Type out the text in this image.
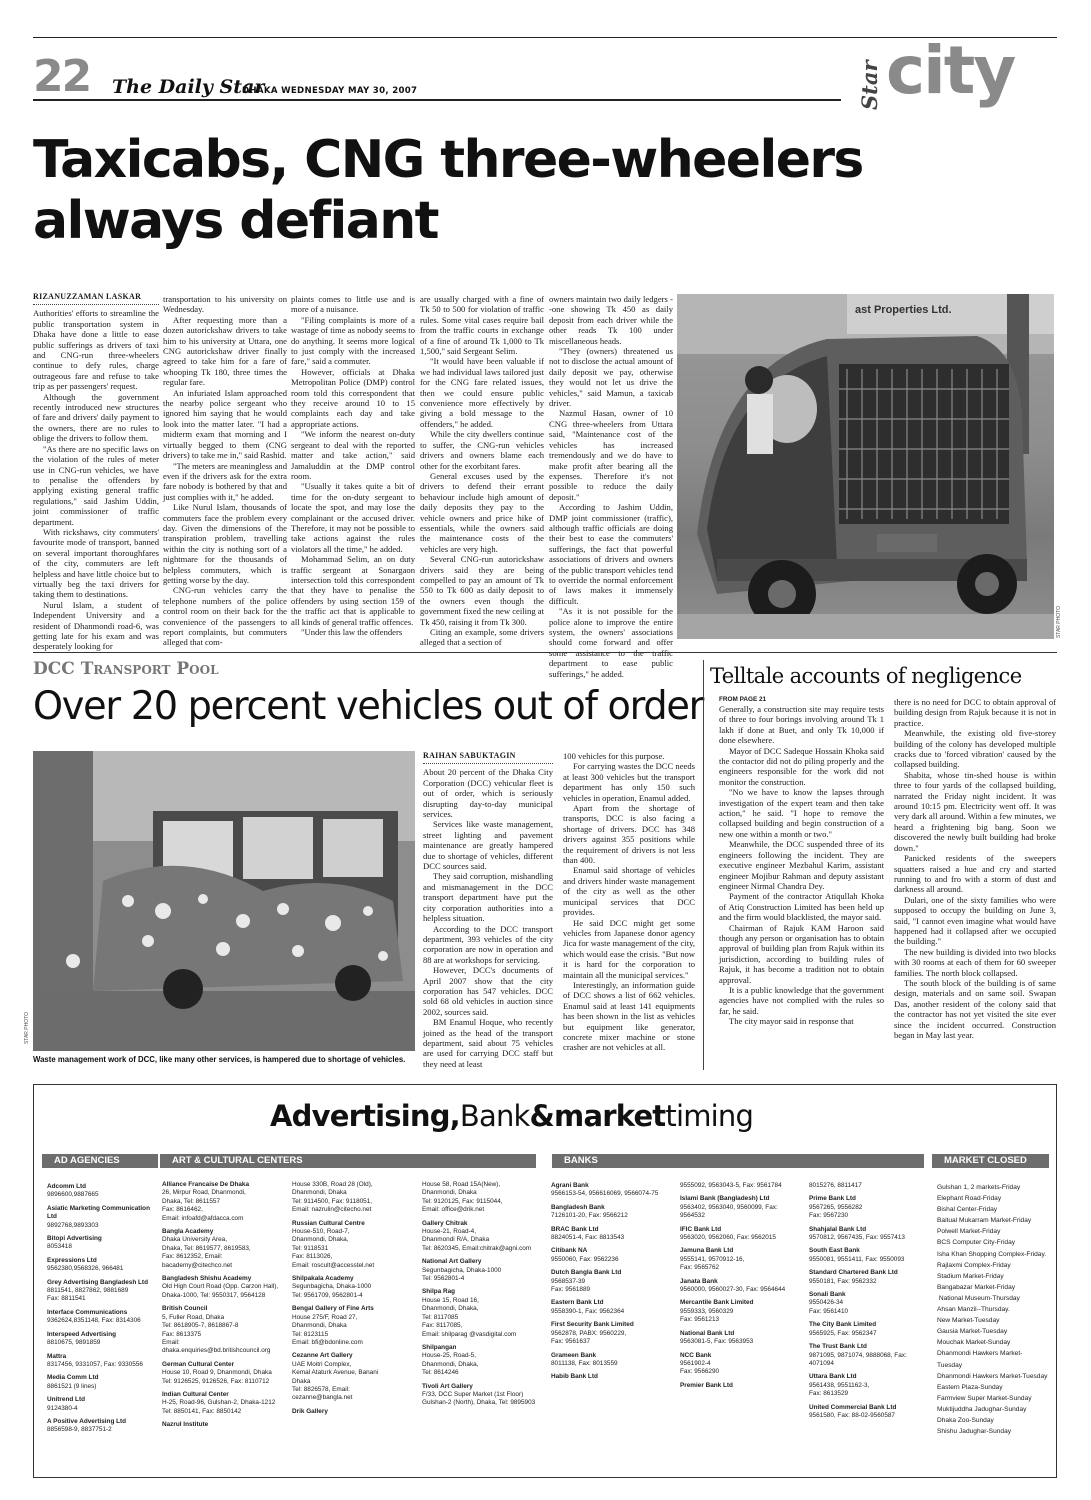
22 The Daily Star
DHAKA WEDNESDAY MAY 30, 2007	Star city
Taxicabs, CNG three-wheelers
always defiant
RIZANUZZAMAN LASKAR

Authorities' efforts to streamline the public transportation system in Dhaka have done a little to ease public sufferings as drivers of taxi and CNG-run three-wheelers continue to defy rules, charge outrageous fare and refuse to take trip as per passengers' request.

Although the government recently introduced new structures of fare and drivers' daily payment to the owners, there are no rules to oblige the drivers to follow them.

"As there are no specific laws on the violation of the rules of meter use in CNG-run vehicles, we have to penalise the offenders by applying existing general traffic regulations," said Jashim Uddin, joint commissioner of traffic department.

With rickshaws, city commuters' favourite mode of transport, banned on several important thoroughfares of the city, commuters are left helpless and have little choice but to virtually beg the taxi drivers for taking them to destinations.

Nurul Islam, a student of Independent University and a resident of Dhanmondi road-6, was getting late for his exam and was desperately looking for

transportation to his university on Wednesday.

After requesting more than a dozen autorickshaw drivers to take him to his university at Uttara, one CNG autorickshaw driver finally agreed to take him for a fare of whooping Tk 180, three times the regular fare.

An infuriated Islam approached the nearby police sergeant who ignored him saying that he would look into the matter later. "I had a midterm exam that morning and I virtually begged to them (CNG drivers) to take me in," said Rashid.

"The meters are meaningless and even if the drivers ask for the extra fare nobody is bothered by that and just complies with it," he added.

Like Nurul Islam, thousands of commuters face the problem every day. Given the dimensions of the transpiration problem, travelling within the city is nothing sort of a nightmare for the thousands of helpless commuters, which is getting worse by the day.

CNG-run vehicles carry the telephone numbers of the police control room on their back for the convenience of the passengers to report complaints, but commuters alleged that com-

plaints comes to little use and is more of a nuisance.

"Filing complaints is more of a wastage of time as nobody seems to do anything. It seems more logical to just comply with the increased fare," said a commuter.

However, officials at Dhaka Metropolitan Police (DMP) control room told this correspondent that they receive around 10 to 15 complaints each day and take appropriate actions.

"We inform the nearest on-duty sergeant to deal with the reported matter and take action," said Jamaluddin at the DMP control room.

"Usually it takes quite a bit of time for the on-duty sergeant to locate the spot, and may lose the complainant or the accused driver. Therefore, it may not be possible to take actions against the rules violators all the time," he added.

Mohammad Selim, an on duty traffic sergeant at Sonargaon intersection told this correspondent that they have to penalise the offenders by using section 159 of the traffic act that is applicable to all kinds of general traffic offences.

"Under this law the offenders

are usually charged with a fine of Tk 50 to 500 for violation of traffic rules. Some vital cases require bail from the traffic courts in exchange of a fine of around Tk 1,000 to Tk 1,500," said Sergeant Selim.

"It would have been valuable if we had individual laws tailored just for the CNG fare related issues, then we could ensure public convenience more effectively by giving a bold message to the offenders," he added.

While the city dwellers continue to suffer, the CNG-run vehicles drivers and owners blame each other for the exorbitant fares.

General excuses used by the drivers to defend their errant behaviour include high amount of daily deposits they pay to the vehicle owners and price hike of essentials, while the owners said the maintenance costs of the vehicles are very high.

Several CNG-run autorickshaw drivers said they are being compelled to pay an amount of Tk 550 to Tk 600 as daily deposit to the owners even though the government fixed the new ceiling at Tk 450, raising it from Tk 300.

Citing an example, some drivers alleged that a section of

owners maintain two daily ledgers --one showing Tk 450 as daily deposit from each driver while the other reads Tk 100 under miscellaneous heads.

"They (owners) threatened us not to disclose the actual amount of daily deposit we pay, otherwise they would not let us drive the vehicles," said Mamun, a taxicab driver.

Nazmul Hasan, owner of 10 CNG three-wheelers from Uttara said, "Maintenance cost of the vehicles has increased tremendously and we do have to make profit after bearing all the expenses. Therefore it's not possible to reduce the daily deposit."

According to Jashim Uddin, DMP joint commissioner (traffic), although traffic officials are doing their best to ease the commuters' sufferings, the fact that powerful associations of drivers and owners of the public transport vehicles tend to override the normal enforcement of laws makes it immensely difficult.

"As it is not possible for the police alone to improve the entire system, the owners' associations should come forward and offer some assistance to the traffic department to ease public sufferings," he added.

ast Properties Ltd.
STAR PHOTO
DCC Transport Pool
Over 20 percent vehicles out of order
STAR PHOTO
Waste management work of DCC, like many other services, is hampered due to shortage of vehicles.
RAIHAN SABUKTAGIN

About 20 percent of the Dhaka City Corporation (DCC) vehicular fleet is out of order, which is seriously disrupting day-to-day municipal services.

Services like waste management, street lighting and pavement maintenance are greatly hampered due to shortage of vehicles, different DCC sources said.

They said corruption, mishandling and mismanagement in the DCC transport department have put the city corporation authorities into a helpless situation.

According to the DCC transport department, 393 vehicles of the city corporation are now in operation and 88 are at workshops for servicing.

However, DCC's documents of April 2007 show that the city corporation has 547 vehicles. DCC sold 68 old vehicles in auction since 2002, sources said.

BM Enamul Hoque, who recently joined as the head of the transport department, said about 75 vehicles are used for carrying DCC staff but they need at least

100 vehicles for this purpose.

For carrying wastes the DCC needs at least 300 vehicles but the transport department has only 150 such vehicles in operation, Enamul added.

Apart from the shortage of transports, DCC is also facing a shortage of drivers. DCC has 348 drivers against 355 positions while the requirement of drivers is not less than 400.

Enamul said shortage of vehicles and drivers hinder waste management of the city as well as the other municipal services that DCC provides.

He said DCC might get some vehicles from Japanese donor agency Jica for waste management of the city, which would ease the crisis. "But now it is hard for the corporation to maintain all the municipal services."

Interestingly, an information guide of DCC shows a list of 662 vehicles. Enamul said at least 141 equipments has been shown in the list as vehicles but equipment like generator, concrete mixer machine or stone crasher are not vehicles at all.

Telltale accounts of negligence
FROM PAGE 21

Generally, a construction site may require tests of three to four borings involving around Tk 1 lakh if done at Buet, and only Tk 10,000 if done elsewhere.

Mayor of DCC Sadeque Hossain Khoka said the contactor did not do piling properly and the engineers responsible for the work did not monitor the construction.

"No we have to know the lapses through investigation of the expert team and then take action," he said. "I hope to remove the collapsed building and begin construction of a new one within a month or two."

Meanwhile, the DCC suspended three of its engineers following the incident. They are executive engineer Mezbahul Karim, assistant engineer Mojibur Rahman and deputy assistant engineer Nirmal Chandra Dey.

Payment of the contractor Atiqullah Khoka of Atiq Construction Limited has been held up and the firm would blacklisted, the mayor said.

Chairman of Rajuk KAM Haroon said though any person or organisation has to obtain approval of building plan from Rajuk within its jurisdiction, according to building rules of Rajuk, it has become a tradition not to obtain approval.

It is a public knowledge that the government agencies have not complied with the rules so far, he said.

The city mayor said in response that

there is no need for DCC to obtain approval of building design from Rajuk because it is not in practice.

Meanwhile, the existing old five-storey building of the colony has developed multiple cracks due to 'forced vibration' caused by the collapsed building.

Shabita, whose tin-shed house is within three to four yards of the collapsed building, narrated the Friday night incident. It was around 10:15 pm. Electricity went off. It was very dark all around. Within a few minutes, we heard a frightening big bang. Soon we discovered the newly built building had broke down."

Panicked residents of the sweepers squatters raised a hue and cry and started running to and fro with a storm of dust and darkness all around.

Dulari, one of the sixty families who were supposed to occupy the building on June 3, said, "I cannot even imagine what would have happened had it collapsed after we occupied the building."

The new building is divided into two blocks with 30 rooms at each of them for 60 sweeper families. The north block collapsed.

The south block of the building is of same design, materials and on same soil. Swapan Das, another resident of the colony said that the contractor has not yet visited the site ever since the incident occurred. Construction began in May last year.

Advertising,Bank&markettiming
AD AGENCIES	ART & CULTURAL CENTERS	BANKS	MARKET CLOSED
Adcomm Ltd
9896600,9887665
Asiatic Marketing Communication Ltd
9892768,9893303
Bitopi Advertising
8053418
Expressions Ltd
9562380,9568326, 966481
Grey Advertising Bangladesh Ltd
8811541, 8827862, 9881689
Fax: 8811541
Interface Communications
9362624,8351148, Fax: 8314306
Interspeed Advertising
8810675, 9891859
Mattra
8317456, 9331057, Fax: 9330556
Media Comm Ltd
8861521 (9 lines)
Unitrend Ltd
9124380-4
A Positive Advertising Ltd
8856598-9, 8837751-2
Alliance Francaise De Dhaka
26, Mirpur Road, Dhanmondi,
Dhaka, Tel: 8611557
Fax: 8616462,
Email: infoafd@afdacca.com
Bangla Academy
Dhaka University Area,
Dhaka, Tel: 8619577, 8619583,
Fax: 8612352, Email:
bacademy@citechco.net
Bangladesh Shishu Academy
Old High Court Road (Opp. Carzon Hall),
Dhaka-1000, Tel: 9550317, 9564128
British Council
5, Fuller Road, Dhaka
Tel: 8618905-7, 8618867-8
Fax: 8613375
Email:
dhaka.enquiries@bd.britishcouncil.org
German Cultural Center
House 10, Road 9, Dhanmondi, Dhaka
Tel: 9126525, 9126526, Fax: 8110712
Indian Cultural Center
H-25, Road-96, Gulshan-2, Dhaka-1212
Tel: 8850141, Fax: 8850142
Nazrul Institute
House 330B, Road 28 (Old),
Dhanmondi, Dhaka
Tel: 9114500, Fax: 9118051,
Email: nazrulin@citecho.net
Russian Cultural Centre
House-510, Road-7,
Dhanmondi, Dhaka,
Tel: 9118531
Fax: 8113026,
Email: roscult@accesstel.net
Shilpakala Academy
Segunbagicha, Dhaka-1000
Tel: 9561709, 9562801-4
Bengal Gallery of Fine Arts
House 275/F, Road 27,
Dhanmondi, Dhaka
Tel: 8123115
Email: bfi@bdonline.com
Cezanne Art Gallery
UAE Moitri Complex,
Kemal Ataturk Avenue, Banani
Dhaka
Tel: 8826578, Email:
cezanne@bangla.net
Drik Gallery
House 58, Road 15A(New),
Dhanmondi, Dhaka
Tel: 9120125, Fax: 9115044,
Email: office@drik.net
Gallery Chitrak
House-21, Road-4,
Dhanmondi R/A, Dhaka
Tel: 8620345, Email:chitrak@agni.com
National Art Gallery
Segunbagicha, Dhaka-1000
Tel: 9562801-4
Shilpa Rag
House 15, Road 16,
Dhanmondi, Dhaka,
Tel: 8117085
Fax: 8117085,
Email: shilparag @vasdigital.com
Shilpangan
House-25, Road-5,
Dhanmondi, Dhaka,
Tel: 8614246
Tivoli Art Gallery
F/33, DCC Super Market (1st Floor)
Gulshan-2 (North), Dhaka, Tel: 9895903
Agrani Bank
9566153-54, 956616069, 9566074-75
Bangladesh Bank
7126101-20, Fax: 9566212
BRAC Bank Ltd
8824051-4, Fax: 8813543
Citibank NA
9550060, Fax: 9562236
Dutch Bangla Bank Ltd
9568537-39
Fax: 9561889
Eastern Bank Ltd
9558390-1, Fax: 9562364
First Security Bank Limited
9562878, PABX: 9560229,
Fax: 9561637
Grameen Bank
8011138, Fax: 8013559
Habib Bank Ltd
9555092, 9563043-5, Fax: 9561784
Islami Bank (Bangladesh) Ltd
9563402, 9563040, 9560099, Fax:
9564532
IFIC Bank Ltd
9563020, 9562060, Fax: 9562015
Jamuna Bank Ltd
9555141, 9570912-16,
Fax: 9565762
Janata Bank
9560000, 9560027-30, Fax: 9564644
Mercantile Bank Limited
9559333, 9560329
Fax: 9561213
National Bank Ltd
9563081-5, Fax: 9563953
NCC Bank
9561902-4
Fax: 9566290
Premier Bank Ltd
8015276, 8811417
Prime Bank Ltd
9567265, 9556282
Fax: 9567230
Shahjalal Bank Ltd
9570812, 9567435, Fax: 9557413
South East Bank
9550081, 9551411, Fax: 9550093
Standard Chartered Bank Ltd
9550181, Fax: 9562332
Sonali Bank
9550426-34
Fax: 9561410
The City Bank Limited
9565925, Fax: 9562347
The Trust Bank Ltd
9871095, 9871074, 9888068, Fax:
4071094
Uttara Bank Ltd
9561438, 9551162-3,
Fax: 8613529
United Commercial Bank Ltd
9561580, Fax: 88-02-9560587
Gulshan 1, 2 markets-Friday
Elephant Road-Friday
Bishal Center-Friday
Baitual Mukarram Market-Friday
Polwell Market-Friday
BCS Computer City-Friday
Isha Khan Shopping Complex-Friday.
Rajlaxmi Complex-Friday
Stadium Market-Friday
Bangabazar Market-Friday
National Museum-Thursday
Ahsan Manzil--Thursday.
New Market-Tuesday
Gausia Market-Tuesday
Mouchak Market-Sunday
Dhanmondi Hawkers Market-
Tuesday
Dhanmondi Hawkers Market-Tuesday
Eastern Plaza-Sunday
Farmview Super Market-Sunday
Muktijuddha Jadughar-Sunday
Dhaka Zoo-Sunday
Shishu Jadughar-Sunday
